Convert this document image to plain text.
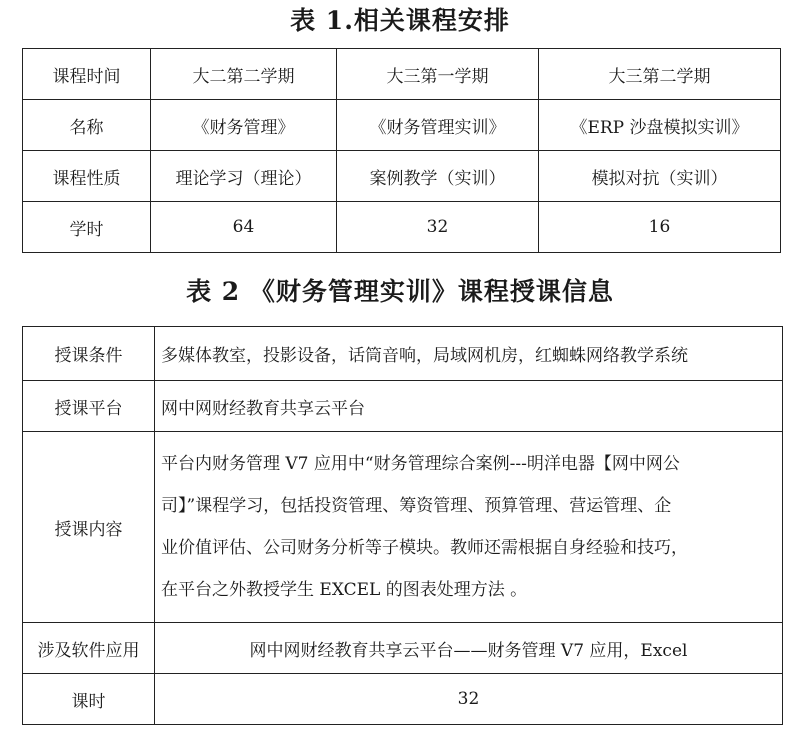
表 1.相关课程安排
课程时间	大二第二学期	大三第一学期	大三第二学期
名称	《财务管理》	《财务管理实训》	《ERP 沙盘模拟实训》
课程性质	理论学习（理论）	案例教学（实训）	模拟对抗（实训）
学时	64	32	16
表 2 《财务管理实训》课程授课信息
授课条件	多媒体教室，投影设备，话筒音响，局域网机房，红蜘蛛网络教学系统
授课平台	网中网财经教育共享云平台
授课内容	平台内财务管理 V7 应用中“财务管理综合案例---明洋电器【网中网公
司】”课程学习，包括投资管理、筹资管理、预算管理、营运管理、企
业价值评估、公司财务分析等子模块。教师还需根据自身经验和技巧，
在平台之外教授学生 EXCEL 的图表处理方法 。
涉及软件应用	网中网财经教育共享云平台——财务管理 V7 应用，Excel
课时	32
